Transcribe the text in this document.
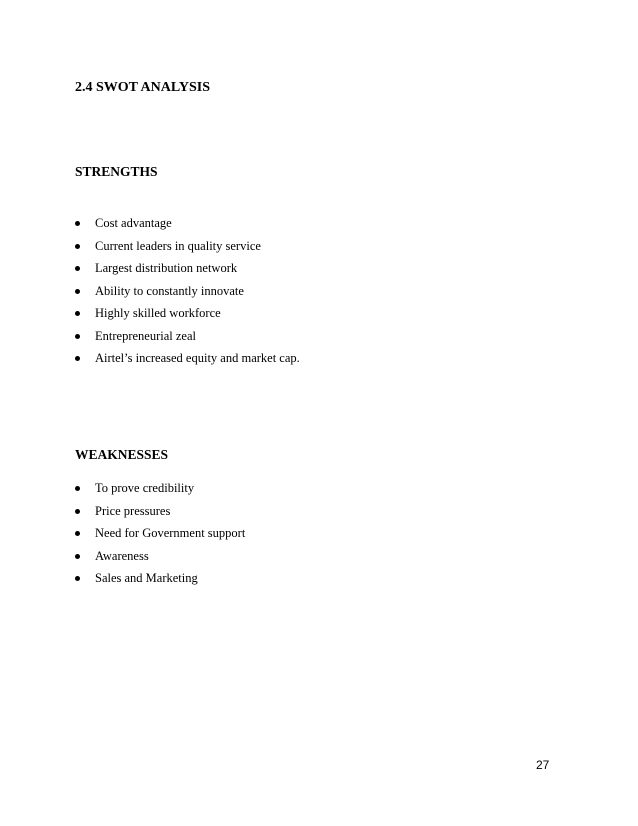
2.4 SWOT ANALYSIS
STRENGTHS
Cost advantage
Current leaders in quality service
Largest distribution network
Ability to constantly innovate
Highly skilled workforce
Entrepreneurial zeal
Airtel’s increased equity and market cap.
WEAKNESSES
To prove credibility
Price pressures
Need for Government support
Awareness
Sales and Marketing
27
